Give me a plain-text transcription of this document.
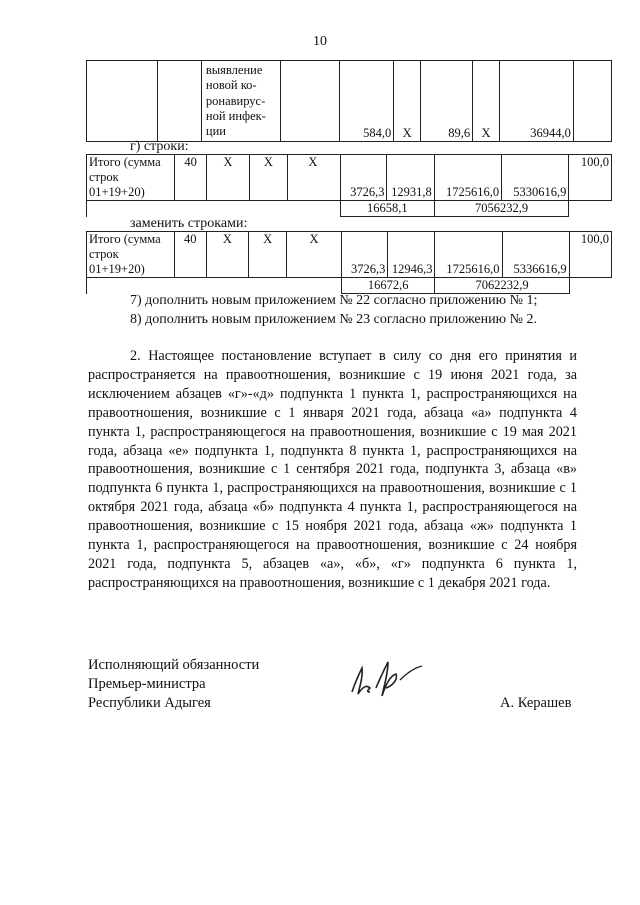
10
		выявление новой ко-ронавирус-ной инфек-ции		584,0	X	89,6	X	36944,0	
г) строки:
Итого (сумма строк 01+19+20)	40	X	X	X	3726,3	12931,8	1725616,0	5330616,9	100,0
					16658,1		7056232,9		
заменить строками:
Итого (сумма строк 01+19+20)	40	X	X	X	3726,3	12946,3	1725616,0	5336616,9	100,0
					16672,6		7062232,9		
7) дополнить новым приложением № 22 согласно приложению № 1;
8) дополнить новым приложением № 23 согласно приложению № 2.
2. Настоящее постановление вступает в силу со дня его принятия и распространяется на правоотношения, возникшие с 19 июня 2021 года, за исключением абзацев «г»-«д» подпункта 1 пункта 1, распространяющихся на правоотношения, возникшие с 1 января 2021 года, абзаца «а» подпункта 4 пункта 1, распространяющегося на правоотношения, возникшие с 19 мая 2021 года, абзаца «е» подпункта 1, подпункта 8 пункта 1, распространяющихся на правоотношения, возникшие с 1 сентября 2021 года, подпункта 3, абзаца «в» подпункта 6 пункта 1, распространяющихся на правоотношения, возникшие с 1 октября 2021 года, абзаца «б» подпункта 4 пункта 1, распространяющегося на правоотношения, возникшие с 15 ноября 2021 года, абзаца «ж» подпункта 1 пункта 1, распространяющегося на правоотношения, возникшие с 24 ноября 2021 года, подпункта 5, абзацев «а», «б», «г» подпункта 6 пункта 1, распространяющихся на правоотношения, возникшие с 1 декабря 2021 года.
Исполняющий обязанности
Премьер-министра
Республики Адыгея	А. Керашев
